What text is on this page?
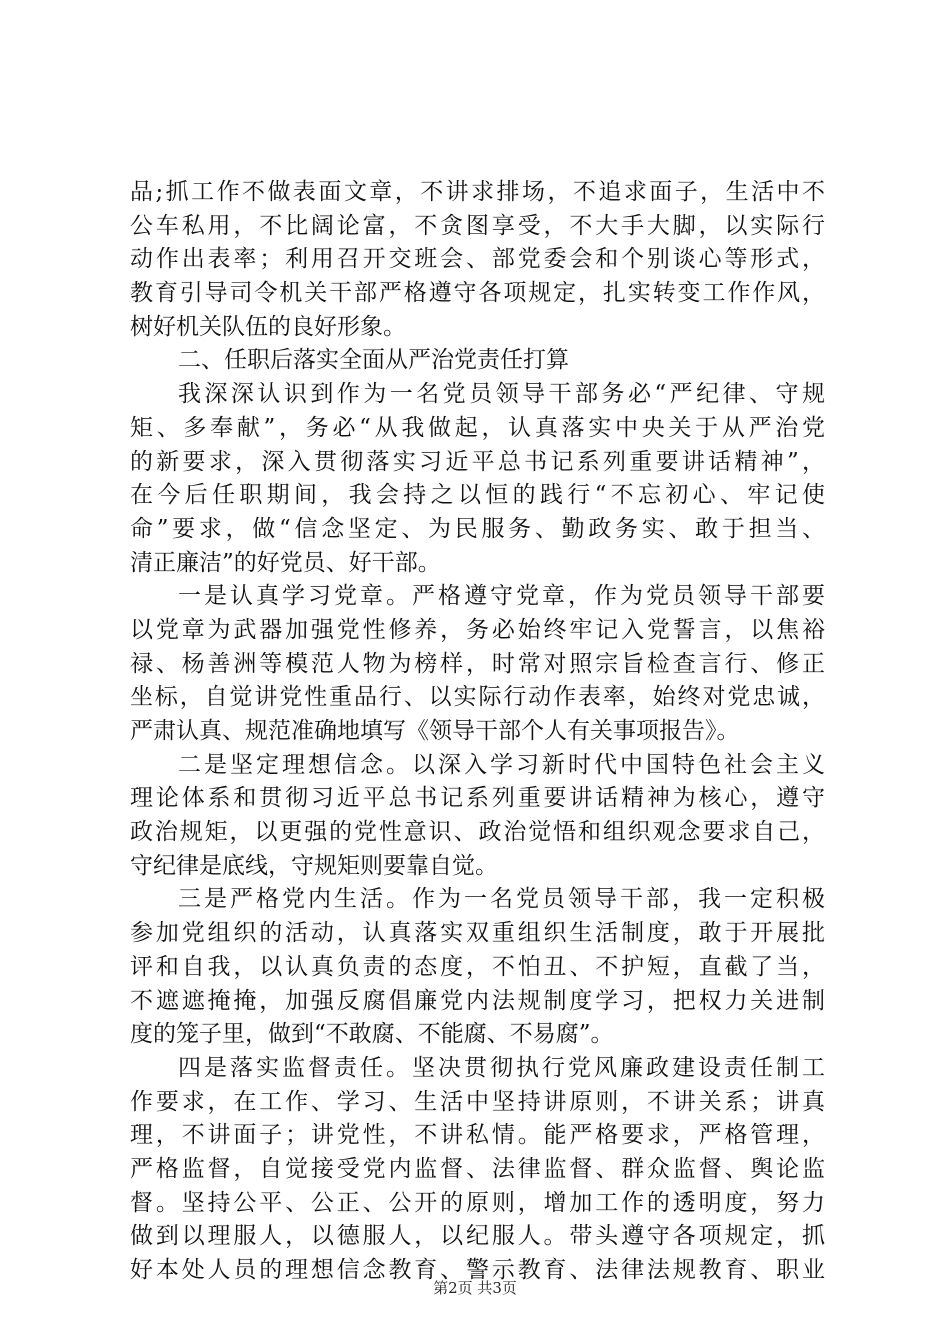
品;抓工作不做表面文章，不讲求排场，不追求面子，生活中不
公车私用，不比阔论富，不贪图享受，不大手大脚，以实际行
动作出表率；利用召开交班会、部党委会和个别谈心等形式，
教育引导司令机关干部严格遵守各项规定，扎实转变工作作风，
树好机关队伍的良好形象。
二、任职后落实全面从严治党责任打算
我深深认识到作为一名党员领导干部务必“严纪律、守规
矩、多奉献”，务必“从我做起，认真落实中央关于从严治党
的新要求，深入贯彻落实习近平总书记系列重要讲话精神”，
在今后任职期间，我会持之以恒的践行“不忘初心、牢记使
命”要求，做“信念坚定、为民服务、勤政务实、敢于担当、
清正廉洁”的好党员、好干部。
一是认真学习党章。严格遵守党章，作为党员领导干部要
以党章为武器加强党性修养，务必始终牢记入党誓言，以焦裕
禄、杨善洲等模范人物为榜样，时常对照宗旨检查言行、修正
坐标，自觉讲党性重品行、以实际行动作表率，始终对党忠诚，
严肃认真、规范准确地填写《领导干部个人有关事项报告》。
二是坚定理想信念。以深入学习新时代中国特色社会主义
理论体系和贯彻习近平总书记系列重要讲话精神为核心，遵守
政治规矩，以更强的党性意识、政治觉悟和组织观念要求自己，
守纪律是底线，守规矩则要靠自觉。
三是严格党内生活。作为一名党员领导干部，我一定积极
参加党组织的活动，认真落实双重组织生活制度，敢于开展批
评和自我，以认真负责的态度，不怕丑、不护短，直截了当，
不遮遮掩掩，加强反腐倡廉党内法规制度学习，把权力关进制
度的笼子里，做到“不敢腐、不能腐、不易腐”。
四是落实监督责任。坚决贯彻执行党风廉政建设责任制工
作要求，在工作、学习、生活中坚持讲原则，不讲关系；讲真
理，不讲面子；讲党性，不讲私情。能严格要求，严格管理，
严格监督，自觉接受党内监督、法律监督、群众监督、舆论监
督。坚持公平、公正、公开的原则，增加工作的透明度，努力
做到以理服人，以德服人，以纪服人。带头遵守各项规定，抓
好本处人员的理想信念教育、警示教育、法律法规教育、职业
第2页 共3页
